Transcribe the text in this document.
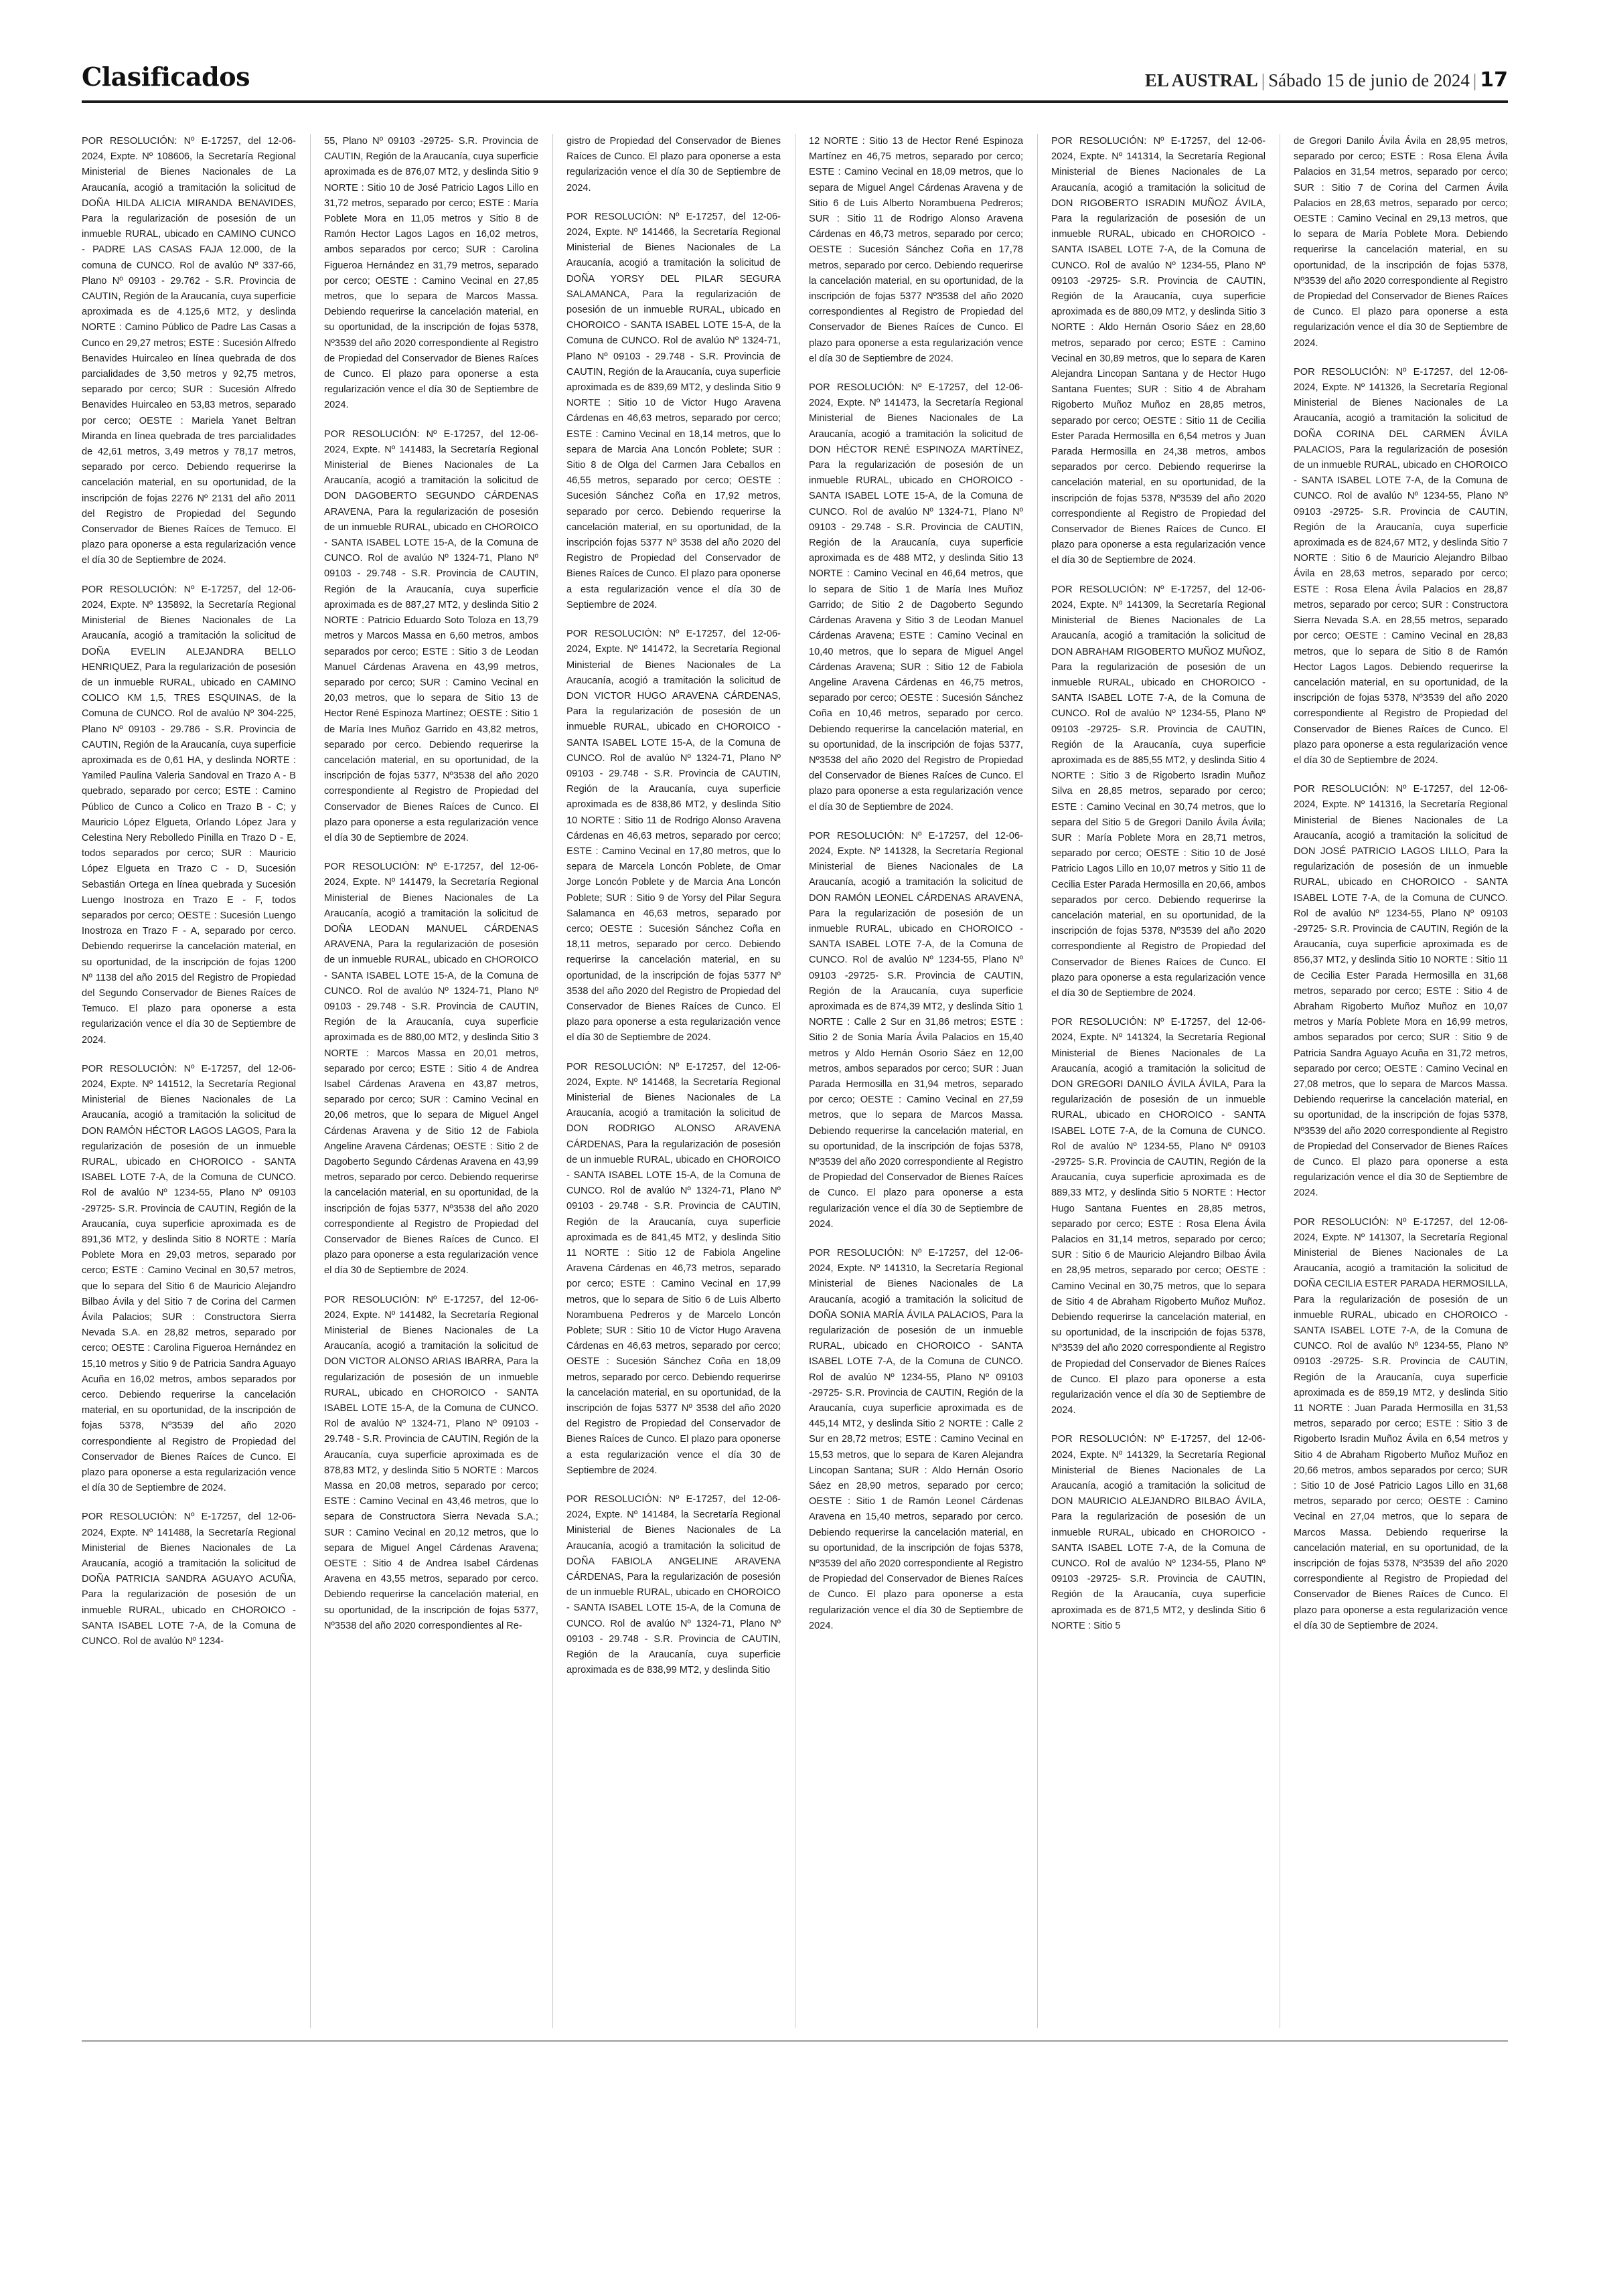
Clasificados	EL AUSTRAL | Sábado 15 de junio de 2024 | 17

POR RESOLUCIÓN: Nº E-17257, del 12-06-2024, Expte. Nº 108606, la Secretaría Regional Ministerial de Bienes Nacionales de La Araucanía, acogió a tramitación la solicitud de DOÑA HILDA ALICIA MIRANDA BENAVIDES, Para la regularización de posesión de un inmueble RURAL, ubicado en CAMINO CUNCO - PADRE LAS CASAS FAJA 12.000, de la comuna de CUNCO. Rol de avalúo Nº 337-66, Plano Nº 09103 - 29.762 - S.R. Provincia de CAUTIN, Región de la Araucanía, cuya superficie aproximada es de 4.125,6 MT2, y deslinda NORTE : Camino Público de Padre Las Casas a Cunco en 29,27 metros; ESTE : Sucesión Alfredo Benavides Huircaleo en línea quebrada de dos parcialidades de 3,50 metros y 92,75 metros, separado por cerco; SUR : Sucesión Alfredo Benavides Huircaleo en 53,83 metros, separado por cerco; OESTE : Mariela Yanet Beltran Miranda en línea quebrada de tres parcialidades de 42,61 metros, 3,49 metros y 78,17 metros, separado por cerco. Debiendo requerirse la cancelación material, en su oportunidad, de la inscripción de fojas 2276 Nº 2131 del año 2011 del Registro de Propiedad del Segundo Conservador de Bienes Raíces de Temuco. El plazo para oponerse a esta regularización vence el día 30 de Septiembre de 2024.

POR RESOLUCIÓN: Nº E-17257, del 12-06-2024, Expte. Nº 135892, la Secretaría Regional Ministerial de Bienes Nacionales de La Araucanía, acogió a tramitación la solicitud de DOÑA EVELIN ALEJANDRA BELLO HENRIQUEZ, Para la regularización de posesión de un inmueble RURAL, ubicado en CAMINO COLICO KM 1,5, TRES ESQUINAS, de la Comuna de CUNCO. Rol de avalúo Nº 304-225, Plano Nº 09103 - 29.786 - S.R. Provincia de CAUTIN, Región de la Araucanía, cuya superficie aproximada es de 0,61 HA, y deslinda NORTE : Yamiled Paulina Valeria Sandoval en Trazo A - B quebrado, separado por cerco; ESTE : Camino Público de Cunco a Colico en Trazo B - C; y Mauricio López Elgueta, Orlando López Jara y Celestina Nery Rebolledo Pinilla en Trazo D - E, todos separados por cerco; SUR : Mauricio López Elgueta en Trazo C - D, Sucesión Sebastián Ortega en línea quebrada y Sucesión Luengo Inostroza en Trazo E - F, todos separados por cerco; OESTE : Sucesión Luengo Inostroza en Trazo F - A, separado por cerco. Debiendo requerirse la cancelación material, en su oportunidad, de la inscripción de fojas 1200 Nº 1138 del año 2015 del Registro de Propiedad del Segundo Conservador de Bienes Raíces de Temuco. El plazo para oponerse a esta regularización vence el día 30 de Septiembre de 2024.

POR RESOLUCIÓN: Nº E-17257, del 12-06-2024, Expte. Nº 141512, la Secretaría Regional Ministerial de Bienes Nacionales de La Araucanía, acogió a tramitación la solicitud de DON RAMÓN HÉCTOR LAGOS LAGOS, Para la regularización de posesión de un inmueble RURAL, ubicado en CHOROICO - SANTA ISABEL LOTE 7-A, de la Comuna de CUNCO. Rol de avalúo Nº 1234-55, Plano Nº 09103 -29725- S.R. Provincia de CAUTIN, Región de la Araucanía, cuya superficie aproximada es de 891,36 MT2, y deslinda Sitio 8 NORTE : María Poblete Mora en 29,03 metros, separado por cerco; ESTE : Camino Vecinal en 30,57 metros, que lo separa del Sitio 6 de Mauricio Alejandro Bilbao Ávila y del Sitio 7 de Corina del Carmen Ávila Palacios; SUR : Constructora Sierra Nevada S.A. en 28,82 metros, separado por cerco; OESTE : Carolina Figueroa Hernández en 15,10 metros y Sitio 9 de Patricia Sandra Aguayo Acuña en 16,02 metros, ambos separados por cerco. Debiendo requerirse la cancelación material, en su oportunidad, de la inscripción de fojas 5378, Nº3539 del año 2020 correspondiente al Registro de Propiedad del Conservador de Bienes Raíces de Cunco. El plazo para oponerse a esta regularización vence el día 30 de Septiembre de 2024.

POR RESOLUCIÓN: Nº E-17257, del 12-06-2024, Expte. Nº 141488, la Secretaría Regional Ministerial de Bienes Nacionales de La Araucanía, acogió a tramitación la solicitud de DOÑA PATRICIA SANDRA AGUAYO ACUÑA, Para la regularización de posesión de un inmueble RURAL, ubicado en CHOROICO - SANTA ISABEL LOTE 7-A, de la Comuna de CUNCO. Rol de avalúo Nº 1234-

55, Plano Nº 09103 -29725- S.R. Provincia de CAUTIN, Región de la Araucanía, cuya superficie aproximada es de 876,07 MT2, y deslinda Sitio 9 NORTE : Sitio 10 de José Patricio Lagos Lillo en 31,72 metros, separado por cerco; ESTE : María Poblete Mora en 11,05 metros y Sitio 8 de Ramón Hector Lagos Lagos en 16,02 metros, ambos separados por cerco; SUR : Carolina Figueroa Hernández en 31,79 metros, separado por cerco; OESTE : Camino Vecinal en 27,85 metros, que lo separa de Marcos Massa. Debiendo requerirse la cancelación material, en su oportunidad, de la inscripción de fojas 5378, Nº3539 del año 2020 correspondiente al Registro de Propiedad del Conservador de Bienes Raíces de Cunco. El plazo para oponerse a esta regularización vence el día 30 de Septiembre de 2024.

POR RESOLUCIÓN: Nº E-17257, del 12-06-2024, Expte. Nº 141483, la Secretaría Regional Ministerial de Bienes Nacionales de La Araucanía, acogió a tramitación la solicitud de DON DAGOBERTO SEGUNDO CÁRDENAS ARAVENA, Para la regularización de posesión de un inmueble RURAL, ubicado en CHOROICO - SANTA ISABEL LOTE 15-A, de la Comuna de CUNCO. Rol de avalúo Nº 1324-71, Plano Nº 09103 - 29.748 - S.R. Provincia de CAUTIN, Región de la Araucanía, cuya superficie aproximada es de 887,27 MT2, y deslinda Sitio 2 NORTE : Patricio Eduardo Soto Toloza en 13,79 metros y Marcos Massa en 6,60 metros, ambos separados por cerco; ESTE : Sitio 3 de Leodan Manuel Cárdenas Aravena en 43,99 metros, separado por cerco; SUR : Camino Vecinal en 20,03 metros, que lo separa de Sitio 13 de Hector René Espinoza Martínez; OESTE : Sitio 1 de María Ines Muñoz Garrido en 43,82 metros, separado por cerco. Debiendo requerirse la cancelación material, en su oportunidad, de la inscripción de fojas 5377, Nº3538 del año 2020 correspondiente al Registro de Propiedad del Conservador de Bienes Raíces de Cunco. El plazo para oponerse a esta regularización vence el día 30 de Septiembre de 2024.

POR RESOLUCIÓN: Nº E-17257, del 12-06-2024, Expte. Nº 141479, la Secretaría Regional Ministerial de Bienes Nacionales de La Araucanía, acogió a tramitación la solicitud de DOÑA LEODAN MANUEL CÁRDENAS ARAVENA, Para la regularización de posesión de un inmueble RURAL, ubicado en CHOROICO - SANTA ISABEL LOTE 15-A, de la Comuna de CUNCO. Rol de avalúo Nº 1324-71, Plano Nº 09103 - 29.748 - S.R. Provincia de CAUTIN, Región de la Araucanía, cuya superficie aproximada es de 880,00 MT2, y deslinda Sitio 3 NORTE : Marcos Massa en 20,01 metros, separado por cerco; ESTE : Sitio 4 de Andrea Isabel Cárdenas Aravena en 43,87 metros, separado por cerco; SUR : Camino Vecinal en 20,06 metros, que lo separa de Miguel Angel Cárdenas Aravena y de Sitio 12 de Fabiola Angeline Aravena Cárdenas; OESTE : Sitio 2 de Dagoberto Segundo Cárdenas Aravena en 43,99 metros, separado por cerco. Debiendo requerirse la cancelación material, en su oportunidad, de la inscripción de fojas 5377, Nº3538 del año 2020 correspondiente al Registro de Propiedad del Conservador de Bienes Raíces de Cunco. El plazo para oponerse a esta regularización vence el día 30 de Septiembre de 2024.

POR RESOLUCIÓN: Nº E-17257, del 12-06-2024, Expte. Nº 141482, la Secretaría Regional Ministerial de Bienes Nacionales de La Araucanía, acogió a tramitación la solicitud de DON VICTOR ALONSO ARIAS IBARRA, Para la regularización de posesión de un inmueble RURAL, ubicado en CHOROICO - SANTA ISABEL LOTE 15-A, de la Comuna de CUNCO. Rol de avalúo Nº 1324-71, Plano Nº 09103 - 29.748 - S.R. Provincia de CAUTIN, Región de la Araucanía, cuya superficie aproximada es de 878,83 MT2, y deslinda Sitio 5 NORTE : Marcos Massa en 20,08 metros, separado por cerco; ESTE : Camino Vecinal en 43,46 metros, que lo separa de Constructora Sierra Nevada S.A.; SUR : Camino Vecinal en 20,12 metros, que lo separa de Miguel Angel Cárdenas Aravena; OESTE : Sitio 4 de Andrea Isabel Cárdenas Aravena en 43,55 metros, separado por cerco. Debiendo requerirse la cancelación material, en su oportunidad, de la inscripción de fojas 5377, Nº3538 del año 2020 correspondientes al Re-

gistro de Propiedad del Conservador de Bienes Raíces de Cunco. El plazo para oponerse a esta regularización vence el día 30 de Septiembre de 2024.

POR RESOLUCIÓN: Nº E-17257, del 12-06-2024, Expte. Nº 141466, la Secretaría Regional Ministerial de Bienes Nacionales de La Araucanía, acogió a tramitación la solicitud de DOÑA YORSY DEL PILAR SEGURA SALAMANCA, Para la regularización de posesión de un inmueble RURAL, ubicado en CHOROICO - SANTA ISABEL LOTE 15-A, de la Comuna de CUNCO. Rol de avalúo Nº 1324-71, Plano Nº 09103 - 29.748 - S.R. Provincia de CAUTIN, Región de la Araucanía, cuya superficie aproximada es de 839,69 MT2, y deslinda Sitio 9 NORTE : Sitio 10 de Victor Hugo Aravena Cárdenas en 46,63 metros, separado por cerco; ESTE : Camino Vecinal en 18,14 metros, que lo separa de Marcia Ana Loncón Poblete; SUR : Sitio 8 de Olga del Carmen Jara Ceballos en 46,55 metros, separado por cerco; OESTE : Sucesión Sánchez Coña en 17,92 metros, separado por cerco. Debiendo requerirse la cancelación material, en su oportunidad, de la inscripción fojas 5377 Nº 3538 del año 2020 del Registro de Propiedad del Conservador de Bienes Raíces de Cunco. El plazo para oponerse a esta regularización vence el día 30 de Septiembre de 2024.

POR RESOLUCIÓN: Nº E-17257, del 12-06-2024, Expte. Nº 141472, la Secretaría Regional Ministerial de Bienes Nacionales de La Araucanía, acogió a tramitación la solicitud de DON VICTOR HUGO ARAVENA CÁRDENAS, Para la regularización de posesión de un inmueble RURAL, ubicado en CHOROICO - SANTA ISABEL LOTE 15-A, de la Comuna de CUNCO. Rol de avalúo Nº 1324-71, Plano Nº 09103 - 29.748 - S.R. Provincia de CAUTIN, Región de la Araucanía, cuya superficie aproximada es de 838,86 MT2, y deslinda Sitio 10 NORTE : Sitio 11 de Rodrigo Alonso Aravena Cárdenas en 46,63 metros, separado por cerco; ESTE : Camino Vecinal en 17,80 metros, que lo separa de Marcela Loncón Poblete, de Omar Jorge Loncón Poblete y de Marcia Ana Loncón Poblete; SUR : Sitio 9 de Yorsy del Pilar Segura Salamanca en 46,63 metros, separado por cerco; OESTE : Sucesión Sánchez Coña en 18,11 metros, separado por cerco. Debiendo requerirse la cancelación material, en su oportunidad, de la inscripción de fojas 5377 Nº 3538 del año 2020 del Registro de Propiedad del Conservador de Bienes Raíces de Cunco. El plazo para oponerse a esta regularización vence el día 30 de Septiembre de 2024.

POR RESOLUCIÓN: Nº E-17257, del 12-06-2024, Expte. Nº 141468, la Secretaría Regional Ministerial de Bienes Nacionales de La Araucanía, acogió a tramitación la solicitud de DON RODRIGO ALONSO ARAVENA CÁRDENAS, Para la regularización de posesión de un inmueble RURAL, ubicado en CHOROICO - SANTA ISABEL LOTE 15-A, de la Comuna de CUNCO. Rol de avalúo Nº 1324-71, Plano Nº 09103 - 29.748 - S.R. Provincia de CAUTIN, Región de la Araucanía, cuya superficie aproximada es de 841,45 MT2, y deslinda Sitio 11 NORTE : Sitio 12 de Fabiola Angeline Aravena Cárdenas en 46,73 metros, separado por cerco; ESTE : Camino Vecinal en 17,99 metros, que lo separa de Sitio 6 de Luis Alberto Norambuena Pedreros y de Marcelo Loncón Poblete; SUR : Sitio 10 de Victor Hugo Aravena Cárdenas en 46,63 metros, separado por cerco; OESTE : Sucesión Sánchez Coña en 18,09 metros, separado por cerco. Debiendo requerirse la cancelación material, en su oportunidad, de la inscripción de fojas 5377 Nº 3538 del año 2020 del Registro de Propiedad del Conservador de Bienes Raíces de Cunco. El plazo para oponerse a esta regularización vence el día 30 de Septiembre de 2024.

POR RESOLUCIÓN: Nº E-17257, del 12-06-2024, Expte. Nº 141484, la Secretaría Regional Ministerial de Bienes Nacionales de La Araucanía, acogió a tramitación la solicitud de DOÑA FABIOLA ANGELINE ARAVENA CÁRDENAS, Para la regularización de posesión de un inmueble RURAL, ubicado en CHOROICO - SANTA ISABEL LOTE 15-A, de la Comuna de CUNCO. Rol de avalúo Nº 1324-71, Plano Nº 09103 - 29.748 - S.R. Provincia de CAUTIN, Región de la Araucanía, cuya superficie aproximada es de 838,99 MT2, y deslinda Sitio

12 NORTE : Sitio 13 de Hector René Espinoza Martínez en 46,75 metros, separado por cerco; ESTE : Camino Vecinal en 18,09 metros, que lo separa de Miguel Angel Cárdenas Aravena y de Sitio 6 de Luis Alberto Norambuena Pedreros; SUR : Sitio 11 de Rodrigo Alonso Aravena Cárdenas en 46,73 metros, separado por cerco; OESTE : Sucesión Sánchez Coña en 17,78 metros, separado por cerco. Debiendo requerirse la cancelación material, en su oportunidad, de la inscripción de fojas 5377 Nº3538 del año 2020 correspondientes al Registro de Propiedad del Conservador de Bienes Raíces de Cunco. El plazo para oponerse a esta regularización vence el día 30 de Septiembre de 2024.

POR RESOLUCIÓN: Nº E-17257, del 12-06-2024, Expte. Nº 141473, la Secretaría Regional Ministerial de Bienes Nacionales de La Araucanía, acogió a tramitación la solicitud de DON HÉCTOR RENÉ ESPINOZA MARTÍNEZ, Para la regularización de posesión de un inmueble RURAL, ubicado en CHOROICO - SANTA ISABEL LOTE 15-A, de la Comuna de CUNCO. Rol de avalúo Nº 1324-71, Plano Nº 09103 - 29.748 - S.R. Provincia de CAUTIN, Región de la Araucanía, cuya superficie aproximada es de 488 MT2, y deslinda Sitio 13 NORTE : Camino Vecinal en 46,64 metros, que lo separa de Sitio 1 de María Ines Muñoz Garrido; de Sitio 2 de Dagoberto Segundo Cárdenas Aravena y Sitio 3 de Leodan Manuel Cárdenas Aravena; ESTE : Camino Vecinal en 10,40 metros, que lo separa de Miguel Angel Cárdenas Aravena; SUR : Sitio 12 de Fabiola Angeline Aravena Cárdenas en 46,75 metros, separado por cerco; OESTE : Sucesión Sánchez Coña en 10,46 metros, separado por cerco. Debiendo requerirse la cancelación material, en su oportunidad, de la inscripción de fojas 5377, Nº3538 del año 2020 del Registro de Propiedad del Conservador de Bienes Raíces de Cunco. El plazo para oponerse a esta regularización vence el día 30 de Septiembre de 2024.

POR RESOLUCIÓN: Nº E-17257, del 12-06-2024, Expte. Nº 141328, la Secretaría Regional Ministerial de Bienes Nacionales de La Araucanía, acogió a tramitación la solicitud de DON RAMÓN LEONEL CÁRDENAS ARAVENA, Para la regularización de posesión de un inmueble RURAL, ubicado en CHOROICO - SANTA ISABEL LOTE 7-A, de la Comuna de CUNCO. Rol de avalúo Nº 1234-55, Plano Nº 09103 -29725- S.R. Provincia de CAUTIN, Región de la Araucanía, cuya superficie aproximada es de 874,39 MT2, y deslinda Sitio 1 NORTE : Calle 2 Sur en 31,86 metros; ESTE : Sitio 2 de Sonia María Ávila Palacios en 15,40 metros y Aldo Hernán Osorio Sáez en 12,00 metros, ambos separados por cerco; SUR : Juan Parada Hermosilla en 31,94 metros, separado por cerco; OESTE : Camino Vecinal en 27,59 metros, que lo separa de Marcos Massa. Debiendo requerirse la cancelación material, en su oportunidad, de la inscripción de fojas 5378, Nº3539 del año 2020 correspondiente al Registro de Propiedad del Conservador de Bienes Raíces de Cunco. El plazo para oponerse a esta regularización vence el día 30 de Septiembre de 2024.

POR RESOLUCIÓN: Nº E-17257, del 12-06-2024, Expte. Nº 141310, la Secretaría Regional Ministerial de Bienes Nacionales de La Araucanía, acogió a tramitación la solicitud de DOÑA SONIA MARÍA ÁVILA PALACIOS, Para la regularización de posesión de un inmueble RURAL, ubicado en CHOROICO - SANTA ISABEL LOTE 7-A, de la Comuna de CUNCO. Rol de avalúo Nº 1234-55, Plano Nº 09103 -29725- S.R. Provincia de CAUTIN, Región de la Araucanía, cuya superficie aproximada es de 445,14 MT2, y deslinda Sitio 2 NORTE : Calle 2 Sur en 28,72 metros; ESTE : Camino Vecinal en 15,53 metros, que lo separa de Karen Alejandra Lincopan Santana; SUR : Aldo Hernán Osorio Sáez en 28,90 metros, separado por cerco; OESTE : Sitio 1 de Ramón Leonel Cárdenas Aravena en 15,40 metros, separado por cerco. Debiendo requerirse la cancelación material, en su oportunidad, de la inscripción de fojas 5378, Nº3539 del año 2020 correspondiente al Registro de Propiedad del Conservador de Bienes Raíces de Cunco. El plazo para oponerse a esta regularización vence el día 30 de Septiembre de 2024.

POR RESOLUCIÓN: Nº E-17257, del 12-06-2024, Expte. Nº 141314, la Secretaría Regional Ministerial de Bienes Nacionales de La Araucanía, acogió a tramitación la solicitud de DON RIGOBERTO ISRADIN MUÑOZ ÁVILA, Para la regularización de posesión de un inmueble RURAL, ubicado en CHOROICO - SANTA ISABEL LOTE 7-A, de la Comuna de CUNCO. Rol de avalúo Nº 1234-55, Plano Nº 09103 -29725- S.R. Provincia de CAUTIN, Región de la Araucanía, cuya superficie aproximada es de 880,09 MT2, y deslinda Sitio 3 NORTE : Aldo Hernán Osorio Sáez en 28,60 metros, separado por cerco; ESTE : Camino Vecinal en 30,89 metros, que lo separa de Karen Alejandra Lincopan Santana y de Hector Hugo Santana Fuentes; SUR : Sitio 4 de Abraham Rigoberto Muñoz Muñoz en 28,85 metros, separado por cerco; OESTE : Sitio 11 de Cecilia Ester Parada Hermosilla en 6,54 metros y Juan Parada Hermosilla en 24,38 metros, ambos separados por cerco. Debiendo requerirse la cancelación material, en su oportunidad, de la inscripción de fojas 5378, Nº3539 del año 2020 correspondiente al Registro de Propiedad del Conservador de Bienes Raíces de Cunco. El plazo para oponerse a esta regularización vence el día 30 de Septiembre de 2024.

POR RESOLUCIÓN: Nº E-17257, del 12-06-2024, Expte. Nº 141309, la Secretaría Regional Ministerial de Bienes Nacionales de La Araucanía, acogió a tramitación la solicitud de DON ABRAHAM RIGOBERTO MUÑOZ MUÑOZ, Para la regularización de posesión de un inmueble RURAL, ubicado en CHOROICO - SANTA ISABEL LOTE 7-A, de la Comuna de CUNCO. Rol de avalúo Nº 1234-55, Plano Nº 09103 -29725- S.R. Provincia de CAUTIN, Región de la Araucanía, cuya superficie aproximada es de 885,55 MT2, y deslinda Sitio 4 NORTE : Sitio 3 de Rigoberto Isradin Muñoz Silva en 28,85 metros, separado por cerco; ESTE : Camino Vecinal en 30,74 metros, que lo separa del Sitio 5 de Gregori Danilo Ávila Ávila; SUR : María Poblete Mora en 28,71 metros, separado por cerco; OESTE : Sitio 10 de José Patricio Lagos Lillo en 10,07 metros y Sitio 11 de Cecilia Ester Parada Hermosilla en 20,66, ambos separados por cerco. Debiendo requerirse la cancelación material, en su oportunidad, de la inscripción de fojas 5378, Nº3539 del año 2020 correspondiente al Registro de Propiedad del Conservador de Bienes Raíces de Cunco. El plazo para oponerse a esta regularización vence el día 30 de Septiembre de 2024.

POR RESOLUCIÓN: Nº E-17257, del 12-06-2024, Expte. Nº 141324, la Secretaría Regional Ministerial de Bienes Nacionales de La Araucanía, acogió a tramitación la solicitud de DON GREGORI DANILO ÁVILA ÁVILA, Para la regularización de posesión de un inmueble RURAL, ubicado en CHOROICO - SANTA ISABEL LOTE 7-A, de la Comuna de CUNCO. Rol de avalúo Nº 1234-55, Plano Nº 09103 -29725- S.R. Provincia de CAUTIN, Región de la Araucanía, cuya superficie aproximada es de 889,33 MT2, y deslinda Sitio 5 NORTE : Hector Hugo Santana Fuentes en 28,85 metros, separado por cerco; ESTE : Rosa Elena Ávila Palacios en 31,14 metros, separado por cerco; SUR : Sitio 6 de Mauricio Alejandro Bilbao Ávila en 28,95 metros, separado por cerco; OESTE : Camino Vecinal en 30,75 metros, que lo separa de Sitio 4 de Abraham Rigoberto Muñoz Muñoz. Debiendo requerirse la cancelación material, en su oportunidad, de la inscripción de fojas 5378, Nº3539 del año 2020 correspondiente al Registro de Propiedad del Conservador de Bienes Raíces de Cunco. El plazo para oponerse a esta regularización vence el día 30 de Septiembre de 2024.

POR RESOLUCIÓN: Nº E-17257, del 12-06-2024, Expte. Nº 141329, la Secretaría Regional Ministerial de Bienes Nacionales de La Araucanía, acogió a tramitación la solicitud de DON MAURICIO ALEJANDRO BILBAO ÁVILA, Para la regularización de posesión de un inmueble RURAL, ubicado en CHOROICO - SANTA ISABEL LOTE 7-A, de la Comuna de CUNCO. Rol de avalúo Nº 1234-55, Plano Nº 09103 -29725- S.R. Provincia de CAUTIN, Región de la Araucanía, cuya superficie aproximada es de 871,5 MT2, y deslinda Sitio 6 NORTE : Sitio 5

de Gregori Danilo Ávila Ávila en 28,95 metros, separado por cerco; ESTE : Rosa Elena Ávila Palacios en 31,54 metros, separado por cerco; SUR : Sitio 7 de Corina del Carmen Ávila Palacios en 28,63 metros, separado por cerco; OESTE : Camino Vecinal en 29,13 metros, que lo separa de María Poblete Mora. Debiendo requerirse la cancelación material, en su oportunidad, de la inscripción de fojas 5378, Nº3539 del año 2020 correspondiente al Registro de Propiedad del Conservador de Bienes Raíces de Cunco. El plazo para oponerse a esta regularización vence el día 30 de Septiembre de 2024.

POR RESOLUCIÓN: Nº E-17257, del 12-06-2024, Expte. Nº 141326, la Secretaría Regional Ministerial de Bienes Nacionales de La Araucanía, acogió a tramitación la solicitud de DOÑA CORINA DEL CARMEN ÁVILA PALACIOS, Para la regularización de posesión de un inmueble RURAL, ubicado en CHOROICO - SANTA ISABEL LOTE 7-A, de la Comuna de CUNCO. Rol de avalúo Nº 1234-55, Plano Nº 09103 -29725- S.R. Provincia de CAUTIN, Región de la Araucanía, cuya superficie aproximada es de 824,67 MT2, y deslinda Sitio 7 NORTE : Sitio 6 de Mauricio Alejandro Bilbao Ávila en 28,63 metros, separado por cerco; ESTE : Rosa Elena Ávila Palacios en 28,87 metros, separado por cerco; SUR : Constructora Sierra Nevada S.A. en 28,55 metros, separado por cerco; OESTE : Camino Vecinal en 28,83 metros, que lo separa de Sitio 8 de Ramón Hector Lagos Lagos. Debiendo requerirse la cancelación material, en su oportunidad, de la inscripción de fojas 5378, Nº3539 del año 2020 correspondiente al Registro de Propiedad del Conservador de Bienes Raíces de Cunco. El plazo para oponerse a esta regularización vence el día 30 de Septiembre de 2024.

POR RESOLUCIÓN: Nº E-17257, del 12-06-2024, Expte. Nº 141316, la Secretaría Regional Ministerial de Bienes Nacionales de La Araucanía, acogió a tramitación la solicitud de DON JOSÉ PATRICIO LAGOS LILLO, Para la regularización de posesión de un inmueble RURAL, ubicado en CHOROICO - SANTA ISABEL LOTE 7-A, de la Comuna de CUNCO. Rol de avalúo Nº 1234-55, Plano Nº 09103 -29725- S.R. Provincia de CAUTIN, Región de la Araucanía, cuya superficie aproximada es de 856,37 MT2, y deslinda Sitio 10 NORTE : Sitio 11 de Cecilia Ester Parada Hermosilla en 31,68 metros, separado por cerco; ESTE : Sitio 4 de Abraham Rigoberto Muñoz Muñoz en 10,07 metros y María Poblete Mora en 16,99 metros, ambos separados por cerco; SUR : Sitio 9 de Patricia Sandra Aguayo Acuña en 31,72 metros, separado por cerco; OESTE : Camino Vecinal en 27,08 metros, que lo separa de Marcos Massa. Debiendo requerirse la cancelación material, en su oportunidad, de la inscripción de fojas 5378, Nº3539 del año 2020 correspondiente al Registro de Propiedad del Conservador de Bienes Raíces de Cunco. El plazo para oponerse a esta regularización vence el día 30 de Septiembre de 2024.

POR RESOLUCIÓN: Nº E-17257, del 12-06-2024, Expte. Nº 141307, la Secretaría Regional Ministerial de Bienes Nacionales de La Araucanía, acogió a tramitación la solicitud de DOÑA CECILIA ESTER PARADA HERMOSILLA, Para la regularización de posesión de un inmueble RURAL, ubicado en CHOROICO - SANTA ISABEL LOTE 7-A, de la Comuna de CUNCO. Rol de avalúo Nº 1234-55, Plano Nº 09103 -29725- S.R. Provincia de CAUTIN, Región de la Araucanía, cuya superficie aproximada es de 859,19 MT2, y deslinda Sitio 11 NORTE : Juan Parada Hermosilla en 31,53 metros, separado por cerco; ESTE : Sitio 3 de Rigoberto Isradin Muñoz Ávila en 6,54 metros y Sitio 4 de Abraham Rigoberto Muñoz Muñoz en 20,66 metros, ambos separados por cerco; SUR : Sitio 10 de José Patricio Lagos Lillo en 31,68 metros, separado por cerco; OESTE : Camino Vecinal en 27,04 metros, que lo separa de Marcos Massa. Debiendo requerirse la cancelación material, en su oportunidad, de la inscripción de fojas 5378, Nº3539 del año 2020 correspondiente al Registro de Propiedad del Conservador de Bienes Raíces de Cunco. El plazo para oponerse a esta regularización vence el día 30 de Septiembre de 2024.
